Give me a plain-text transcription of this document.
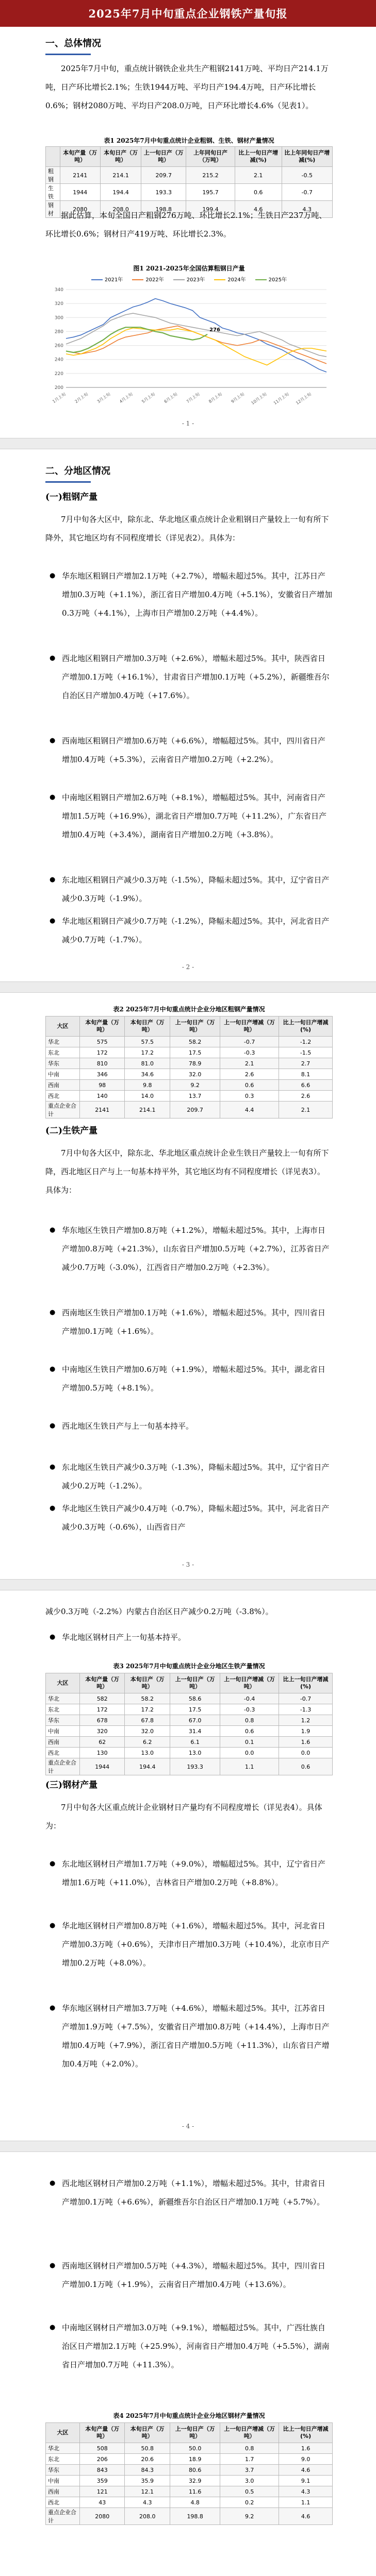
2025年7月中旬重点企业钢铁产量旬报
一、总体情况
2025年7月中旬，重点统计钢铁企业共生产粗钢2141万吨、平均日产214.1万吨，日产环比增长2.1%；生铁1944万吨、平均日产194.4万吨，日产环比增长0.6%；钢材2080万吨、平均日产208.0万吨，日产环比增长4.6%（见表1）。
表1 2025年7月中旬重点统计企业粗钢、生铁、钢材产量情况
	本旬产量（万吨）	本旬日产（万吨）	上一旬日产（万吨）	上年同旬日产（万吨）	比上一旬日产增减(%)	比上年同旬日产增减(%)
粗钢	2141	214.1	209.7	215.2	2.1	-0.5
生铁	1944	194.4	193.3	195.7	0.6	-0.7
钢材	2080	208.0	198.8	199.4	4.6	4.3
据此估算，本旬全国日产粗钢276万吨、环比增长2.1%；生铁日产237万吨、环比增长0.6%；钢材日产419万吨、环比增长2.3%。
图1 2021-2025年全国估算粗钢日产量
2021年	2022年	2023年	2024年	2025年
200
220
240
260
280
300
320
340
1月上旬 2月上旬 3月上旬 4月上旬 5月上旬 6月上旬 7月上旬 8月上旬 9月上旬 10月上旬 11月上旬 12月上旬
276
- 1 -
二、分地区情况
(一)粗钢产量
7月中旬各大区中，除东北、华北地区重点统计企业粗钢日产量较上一旬有所下降外，其它地区均有不同程度增长（详见表2）。具体为：
● 华东地区粗钢日产增加2.1万吨（+2.7%），增幅未超过5%。其中，江苏日产增加0.3万吨（+1.1%），浙江省日产增加0.4万吨（+5.1%），安徽省日产增加0.3万吨（+4.1%），上海市日产增加0.2万吨（+4.4%）。
● 西北地区粗钢日产增加0.3万吨（+2.6%），增幅未超过5%。其中，陕西省日产增加0.1万吨（+16.1%），甘肃省日产增加0.1万吨（+5.2%），新疆维吾尔自治区日产增加0.4万吨（+17.6%）。
● 西南地区粗钢日产增加0.6万吨（+6.6%），增幅超过5%。其中，四川省日产增加0.4万吨（+5.3%），云南省日产增加0.2万吨（+2.2%）。
● 中南地区粗钢日产增加2.6万吨（+8.1%），增幅超过5%。其中，河南省日产增加1.5万吨（+16.9%），湖北省日产增加0.7万吨（+11.2%），广东省日产增加0.4万吨（+3.4%），湖南省日产增加0.2万吨（+3.8%）。
● 东北地区粗钢日产减少0.3万吨（-1.5%），降幅未超过5%。其中，辽宁省日产减少0.3万吨（-1.9%）。
● 华北地区粗钢日产减少0.7万吨（-1.2%），降幅未超过5%。其中，河北省日产减少0.7万吨（-1.7%）。
- 2 -
表2 2025年7月中旬重点统计企业分地区粗钢产量情况
大区	本旬产量（万吨）	本旬日产（万吨）	上一旬日产（万吨）	上一旬日产增减（万吨）	比上一旬日产增减(%)
华北	575	57.5	58.2	-0.7	-1.2
东北	172	17.2	17.5	-0.3	-1.5
华东	810	81.0	78.9	2.1	2.7
中南	346	34.6	32.0	2.6	8.1
西南	98	9.8	9.2	0.6	6.6
西北	140	14.0	13.7	0.3	2.6
重点企业合计	2141	214.1	209.7	4.4	2.1
(二)生铁产量
7月中旬各大区中，除东北、华北地区重点统计企业生铁日产量较上一旬有所下降，西北地区日产与上一旬基本持平外，其它地区均有不同程度增长（详见表3）。具体为：
● 华东地区生铁日产增加0.8万吨（+1.2%），增幅未超过5%。其中，上海市日产增加0.8万吨（+21.3%），山东省日产增加0.5万吨（+2.7%），江苏省日产减少0.7万吨（-3.0%），江西省日产增加0.2万吨（+2.3%）。
● 西南地区生铁日产增加0.1万吨（+1.6%），增幅未超过5%。其中，四川省日产增加0.1万吨（+1.6%）。
● 中南地区生铁日产增加0.6万吨（+1.9%），增幅未超过5%。其中，湖北省日产增加0.5万吨（+8.1%）。
● 西北地区生铁日产与上一旬基本持平。
● 东北地区生铁日产减少0.3万吨（-1.3%），降幅未超过5%。其中，辽宁省日产减少0.2万吨（-1.2%）。
● 华北地区生铁日产减少0.4万吨（-0.7%），降幅未超过5%。其中，河北省日产减少0.3万吨（-0.6%），山西省日产
- 3 -
减少0.3万吨（-2.2%）内蒙古自治区日产减少0.2万吨（-3.8%）。
● 华北地区钢材日产上一旬基本持平。
表3 2025年7月中旬重点统计企业分地区生铁产量情况
大区	本旬产量（万吨）	本旬日产（万吨）	上一旬日产（万吨）	上一旬日产增减（万吨）	比上一旬日产增减(%)
华北	582	58.2	58.6	-0.4	-0.7
东北	172	17.2	17.5	-0.3	-1.3
华东	678	67.8	67.0	0.8	1.2
中南	320	32.0	31.4	0.6	1.9
西南	62	6.2	6.1	0.1	1.6
西北	130	13.0	13.0	0.0	0.0
重点企业合计	1944	194.4	193.3	1.1	0.6
(三)钢材产量
7月中旬各大区重点统计企业钢材日产量均有不同程度增长（详见表4）。具体为：
● 东北地区钢材日产增加1.7万吨（+9.0%），增幅超过5%。其中，辽宁省日产增加1.6万吨（+11.0%），吉林省日产增加0.2万吨（+8.8%）。
● 华北地区钢材日产增加0.8万吨（+1.6%），增幅未超过5%。其中，河北省日产增加0.3万吨（+0.6%），天津市日产增加0.3万吨（+10.4%），北京市日产增加0.2万吨（+8.0%）。
● 华东地区钢材日产增加3.7万吨（+4.6%），增幅未超过5%。其中，江苏省日产增加1.9万吨（+7.5%），安徽省日产增加0.8万吨（+14.4%），上海市日产增加0.4万吨（+7.9%），浙江省日产增加0.5万吨（+11.3%），山东省日产增加0.4万吨（+2.0%）。
- 4 -
● 西北地区钢材日产增加0.2万吨（+1.1%），增幅未超过5%。其中，甘肃省日产增加0.1万吨（+6.6%），新疆维吾尔自治区日产增加0.1万吨（+5.7%）。
● 西南地区钢材日产增加0.5万吨（+4.3%），增幅未超过5%。其中，四川省日产增加0.1万吨（+1.9%），云南省日产增加0.4万吨（+13.6%）。
● 中南地区钢材日产增加3.0万吨（+9.1%），增幅超过5%。其中，广西壮族自治区日产增加2.1万吨（+25.9%），河南省日产增加0.4万吨（+5.5%），湖南省日产增加0.7万吨（+11.3%）。
表4 2025年7月中旬重点统计企业分地区钢材产量情况
大区	本旬产量（万吨）	本旬日产（万吨）	上一旬日产（万吨）	上一旬日产增减（万吨）	比上一旬日产增减(%)
华北	508	50.8	50.0	0.8	1.6
东北	206	20.6	18.9	1.7	9.0
华东	843	84.3	80.6	3.7	4.6
中南	359	35.9	32.9	3.0	9.1
西南	121	12.1	11.6	0.5	4.3
西北	43	4.3	4.8	0.2	1.1
重点企业合计	2080	208.0	198.8	9.2	4.6
